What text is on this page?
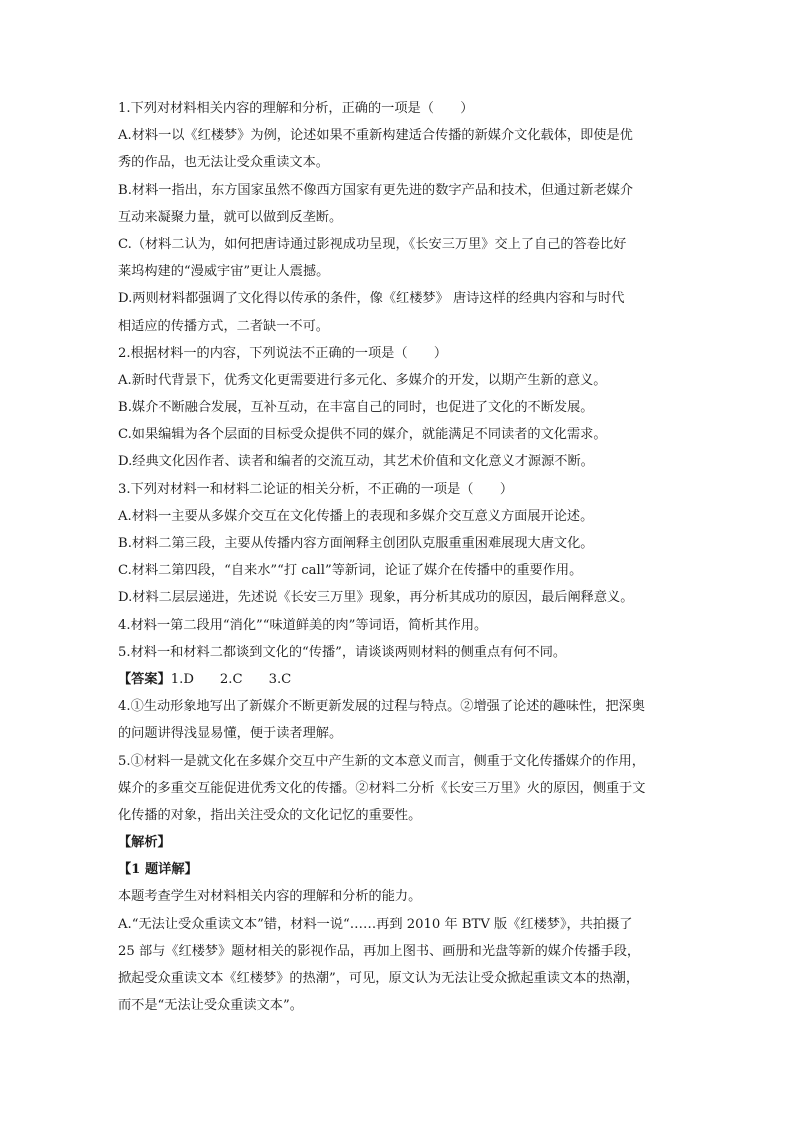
1.下列对材料相关内容的理解和分析，正确的一项是（　　）
A.材料一以《红楼梦》为例，论述如果不重新构建适合传播的新媒介文化载体，即使是优
秀的作品，也无法让受众重读文本。
B.材料一指出，东方国家虽然不像西方国家有更先进的数字产品和技术，但通过新老媒介
互动来凝聚力量，就可以做到反垄断。
C.（材料二认为，如何把唐诗通过影视成功呈现，《长安三万里》交上了自己的答卷比好
莱坞构建的“漫威宇宙”更让人震撼。
D.两则材料都强调了文化得以传承的条件，像《红楼梦》 唐诗这样的经典内容和与时代
相适应的传播方式，二者缺一不可。
2.根据材料一的内容，下列说法不正确的一项是（　　）
A.新时代背景下，优秀文化更需要进行多元化、多媒介的开发，以期产生新的意义。
B.媒介不断融合发展，互补互动，在丰富自己的同时，也促进了文化的不断发展。
C.如果编辑为各个层面的目标受众提供不同的媒介，就能满足不同读者的文化需求。
D.经典文化因作者、读者和编者的交流互动，其艺术价值和文化意义才源源不断。
3.下列对材料一和材料二论证的相关分析，不正确的一项是（　　）
A.材料一主要从多媒介交互在文化传播上的表现和多媒介交互意义方面展开论述。
B.材料二第三段，主要从传播内容方面阐释主创团队克服重重困难展现大唐文化。
C.材料二第四段，“自来水”“打 call”等新词，论证了媒介在传播中的重要作用。
D.材料二层层递进，先述说《长安三万里》现象，再分析其成功的原因，最后阐释意义。
4.材料一第二段用“消化”“味道鲜美的肉”等词语，简析其作用。
5.材料一和材料二都谈到文化的“传播”，请谈谈两则材料的侧重点有何不同。
【答案】1.D 2.C 3.C
4.①生动形象地写出了新媒介不断更新发展的过程与特点。②增强了论述的趣味性，把深奥
的问题讲得浅显易懂，便于读者理解。
5.①材料一是就文化在多媒介交互中产生新的文本意义而言，侧重于文化传播媒介的作用，
媒介的多重交互能促进优秀文化的传播。②材料二分析《长安三万里》火的原因，侧重于文
化传播的对象，指出关注受众的文化记忆的重要性。
【解析】
【1 题详解】
本题考查学生对材料相关内容的理解和分析的能力。
A.“无法让受众重读文本”错，材料一说“……再到 2010 年 BTV 版《红楼梦》，共拍摄了
25 部与《红楼梦》题材相关的影视作品，再加上图书、画册和光盘等新的媒介传播手段，
掀起受众重读文本《红楼梦》的热潮”，可见，原文认为无法让受众掀起重读文本的热潮，
而不是“无法让受众重读文本”。
